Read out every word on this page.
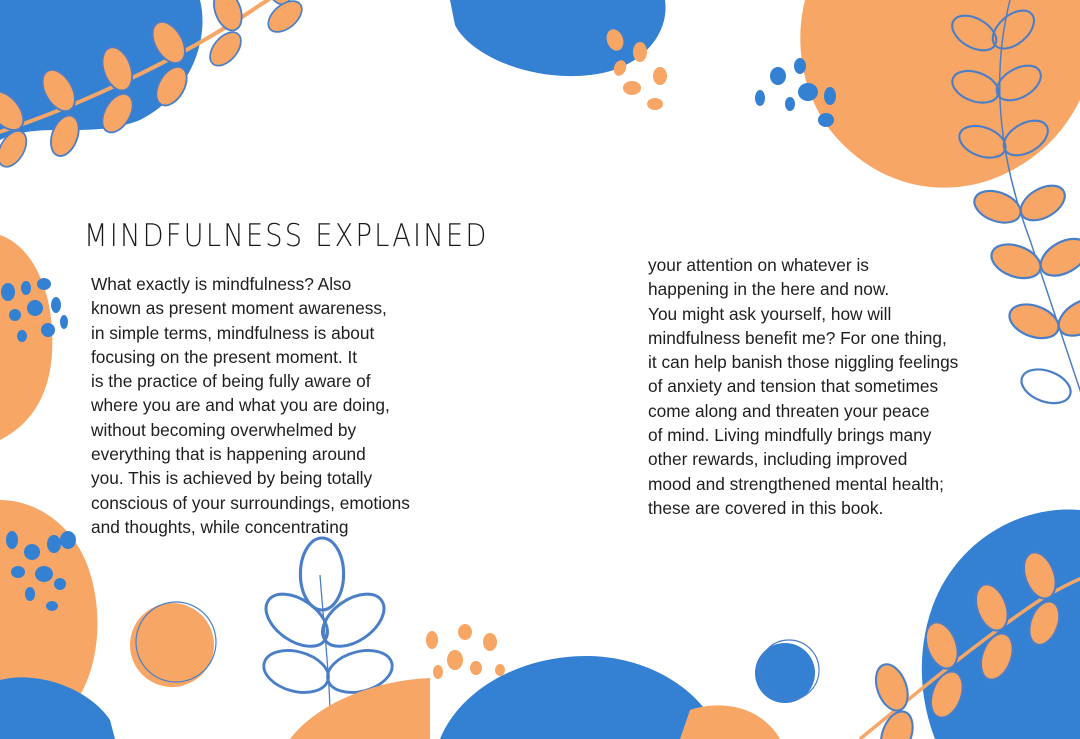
MINDFULNESS EXPLAINED

What exactly is mindfulness? Also
known as present moment awareness,
in simple terms, mindfulness is about
focusing on the present moment. It
is the practice of being fully aware of
where you are and what you are doing,
without becoming overwhelmed by
everything that is happening around
you. This is achieved by being totally
conscious of your surroundings, emotions
and thoughts, while concentrating

your attention on whatever is
happening in the here and now.
You might ask yourself, how will
mindfulness benefit me? For one thing,
it can help banish those niggling feelings
of anxiety and tension that sometimes
come along and threaten your peace
of mind. Living mindfully brings many
other rewards, including improved
mood and strengthened mental health;
these are covered in this book.
